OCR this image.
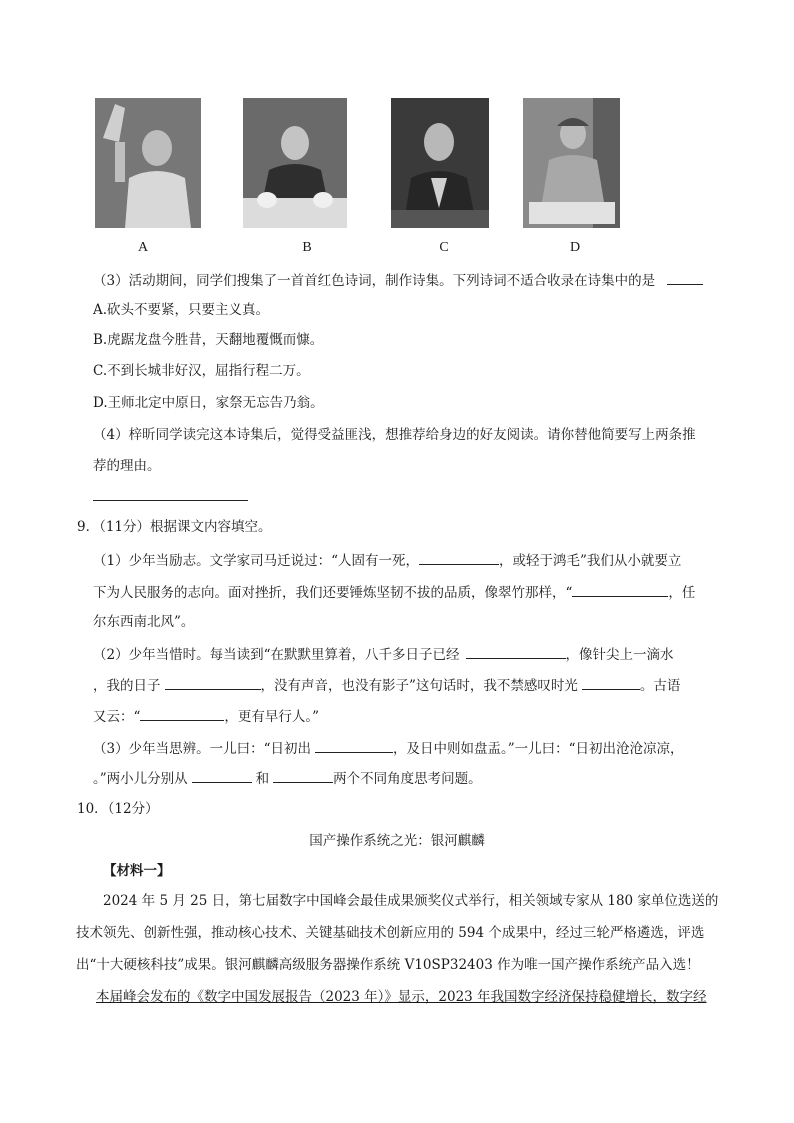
A	B	C	D
（3）活动期间，同学们搜集了一首首红色诗词，制作诗集。下列诗词不适合收录在诗集中的是
A.砍头不要紧，只要主义真。
B.虎踞龙盘今胜昔，天翻地覆慨而慷。
C.不到长城非好汉，屈指行程二万。
D.王师北定中原日，家祭无忘告乃翁。
（4）梓昕同学读完这本诗集后，觉得受益匪浅，想推荐给身边的好友阅读。请你替他简要写上两条推
荐的理由。
9．（11分）根据课文内容填空。
（1）少年当励志。文学家司马迁说过：“人固有一死，	，或轻于鸿毛”我们从小就要立
下为人民服务的志向。面对挫折，我们还要锤炼坚韧不拔的品质，像翠竹那样，“	，任
尔东西南北风”。
（2）少年当惜时。每当读到“在默默里算着，八千多日子已经	，像针尖上一滴水
，我的日子	，没有声音，也没有影子”这句话时，我不禁感叹时光	。古语
又云：“	，更有早行人。”
（3）少年当思辨。一儿曰：“日初出	，及日中则如盘盂。”一儿曰：“日初出沧沧凉凉，
。”两小儿分别从	和	两个不同角度思考问题。
10．（12分）
国产操作系统之光：银河麒麟
【材料一】
2024 年 5 月 25 日，第七届数字中国峰会最佳成果颁奖仪式举行，相关领域专家从 180 家单位选送的
技术领先、创新性强，推动核心技术、关键基础技术创新应用的 594 个成果中，经过三轮严格遴选，评选
出“十大硬核科技”成果。银河麒麟高级服务器操作系统 V10SP32403 作为唯一国产操作系统产品入选！
本届峰会发布的《数字中国发展报告（2023 年）》显示，2023 年我国数字经济保持稳健增长，数字经
